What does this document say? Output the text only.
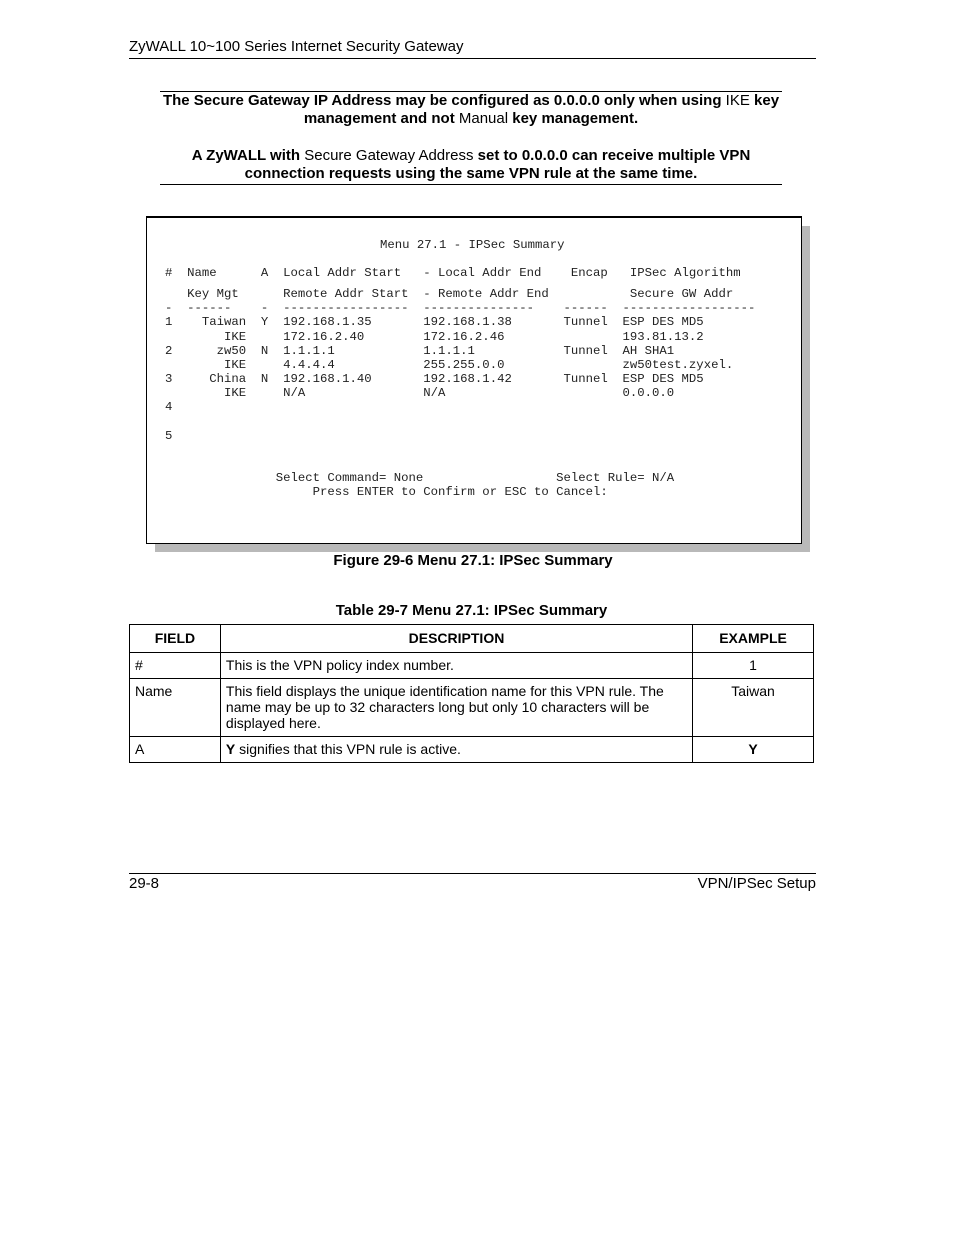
ZyWALL 10~100 Series Internet Security Gateway
The Secure Gateway IP Address may be configured as 0.0.0.0 only when using IKE key management and not Manual key management.
A ZyWALL with Secure Gateway Address set to 0.0.0.0 can receive multiple VPN connection requests using the same VPN rule at the same time.
Menu 27.1 - IPSec Summary
#  Name      A  Local Addr Start   - Local Addr End    Encap   IPSec Algorithm
Key Mgt      Remote Addr Start  - Remote Addr End           Secure GW Addr
-  ------    -  -----------------  ---------------    ------  ------------------
1    Taiwan  Y  192.168.1.35       192.168.1.38       Tunnel  ESP DES MD5
IKE     172.16.2.40        172.16.2.46                193.81.13.2
2      zw50  N  1.1.1.1            1.1.1.1            Tunnel  AH SHA1
IKE     4.4.4.4            255.255.0.0                zw50test.zyxel.
3     China  N  192.168.1.40       192.168.1.42       Tunnel  ESP DES MD5
IKE     N/A                N/A                        0.0.0.0
4
5
Select Command= None                  Select Rule= N/A
Press ENTER to Confirm or ESC to Cancel:
Figure 29-6 Menu 27.1: IPSec Summary
Table 29-7 Menu 27.1: IPSec Summary
FIELD	DESCRIPTION	EXAMPLE
#	This is the VPN policy index number.	1
Name	This field displays the unique identification name for this VPN rule. The name may be up to 32 characters long but only 10 characters will be displayed here.	Taiwan
A	Y signifies that this VPN rule is active.	Y
29-8	VPN/IPSec Setup
